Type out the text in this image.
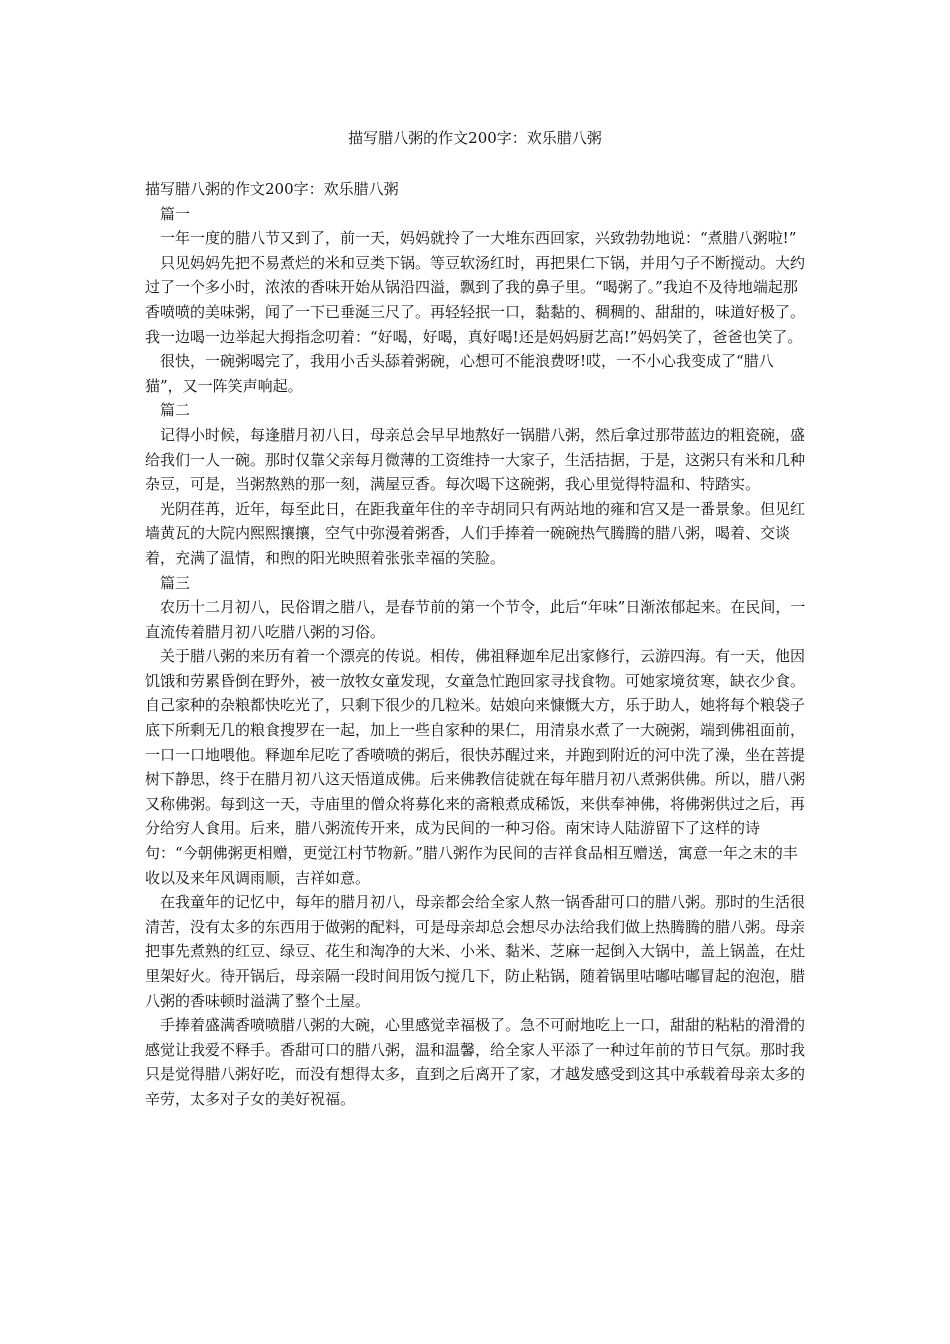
描写腊八粥的作文200字：欢乐腊八粥

描写腊八粥的作文200字：欢乐腊八粥

篇一

一年一度的腊八节又到了，前一天，妈妈就拎了一大堆东西回家，兴致勃勃地说：“煮腊八粥啦!”

只见妈妈先把不易煮烂的米和豆类下锅。等豆软汤红时，再把果仁下锅，并用勺子不断搅动。大约过了一个多小时，浓浓的香味开始从锅沿四溢，飘到了我的鼻子里。“喝粥了。”我迫不及待地端起那香喷喷的美味粥，闻了一下已垂涎三尺了。再轻轻抿一口，黏黏的、稠稠的、甜甜的，味道好极了。我一边喝一边举起大拇指念叨着：“好喝，好喝，真好喝!还是妈妈厨艺高!”妈妈笑了，爸爸也笑了。

很快，一碗粥喝完了，我用小舌头舔着粥碗，心想可不能浪费呀!哎，一不小心我变成了“腊八猫”，又一阵笑声响起。

篇二

记得小时候，每逢腊月初八日，母亲总会早早地熬好一锅腊八粥，然后拿过那带蓝边的粗瓷碗，盛给我们一人一碗。那时仅靠父亲每月微薄的工资维持一大家子，生活拮据，于是，这粥只有米和几种杂豆，可是，当粥熬熟的那一刻，满屋豆香。每次喝下这碗粥，我心里觉得特温和、特踏实。

光阴荏苒，近年，每至此日，在距我童年住的辛寺胡同只有两站地的雍和宫又是一番景象。但见红墙黄瓦的大院内熙熙攘攘，空气中弥漫着粥香，人们手捧着一碗碗热气腾腾的腊八粥，喝着、交谈着，充满了温情，和煦的阳光映照着张张幸福的笑脸。

篇三

农历十二月初八，民俗谓之腊八，是春节前的第一个节令，此后“年味”日渐浓郁起来。在民间，一直流传着腊月初八吃腊八粥的习俗。

关于腊八粥的来历有着一个漂亮的传说。相传，佛祖释迦牟尼出家修行，云游四海。有一天，他因饥饿和劳累昏倒在野外，被一放牧女童发现，女童急忙跑回家寻找食物。可她家境贫寒，缺衣少食。自己家种的杂粮都快吃光了，只剩下很少的几粒米。姑娘向来慷慨大方，乐于助人，她将每个粮袋子底下所剩无几的粮食搜罗在一起，加上一些自家种的果仁，用清泉水煮了一大碗粥，端到佛祖面前，一口一口地喂他。释迦牟尼吃了香喷喷的粥后，很快苏醒过来，并跑到附近的河中洗了澡，坐在菩提树下静思，终于在腊月初八这天悟道成佛。后来佛教信徒就在每年腊月初八煮粥供佛。所以，腊八粥又称佛粥。每到这一天，寺庙里的僧众将募化来的斋粮煮成稀饭，来供奉神佛，将佛粥供过之后，再分给穷人食用。后来，腊八粥流传开来，成为民间的一种习俗。南宋诗人陆游留下了这样的诗句：“今朝佛粥更相赠，更觉江村节物新。”腊八粥作为民间的吉祥食品相互赠送，寓意一年之末的丰收以及来年风调雨顺，吉祥如意。

在我童年的记忆中，每年的腊月初八，母亲都会给全家人熬一锅香甜可口的腊八粥。那时的生活很清苦，没有太多的东西用于做粥的配料，可是母亲却总会想尽办法给我们做上热腾腾的腊八粥。母亲把事先煮熟的红豆、绿豆、花生和淘净的大米、小米、黏米、芝麻一起倒入大锅中，盖上锅盖，在灶里架好火。待开锅后，母亲隔一段时间用饭勺搅几下，防止粘锅，随着锅里咕嘟咕嘟冒起的泡泡，腊八粥的香味顿时溢满了整个土屋。

手捧着盛满香喷喷腊八粥的大碗，心里感觉幸福极了。急不可耐地吃上一口，甜甜的粘粘的滑滑的感觉让我爱不释手。香甜可口的腊八粥，温和温馨，给全家人平添了一种过年前的节日气氛。那时我只是觉得腊八粥好吃，而没有想得太多，直到之后离开了家，才越发感受到这其中承载着母亲太多的辛劳，太多对子女的美好祝福。
